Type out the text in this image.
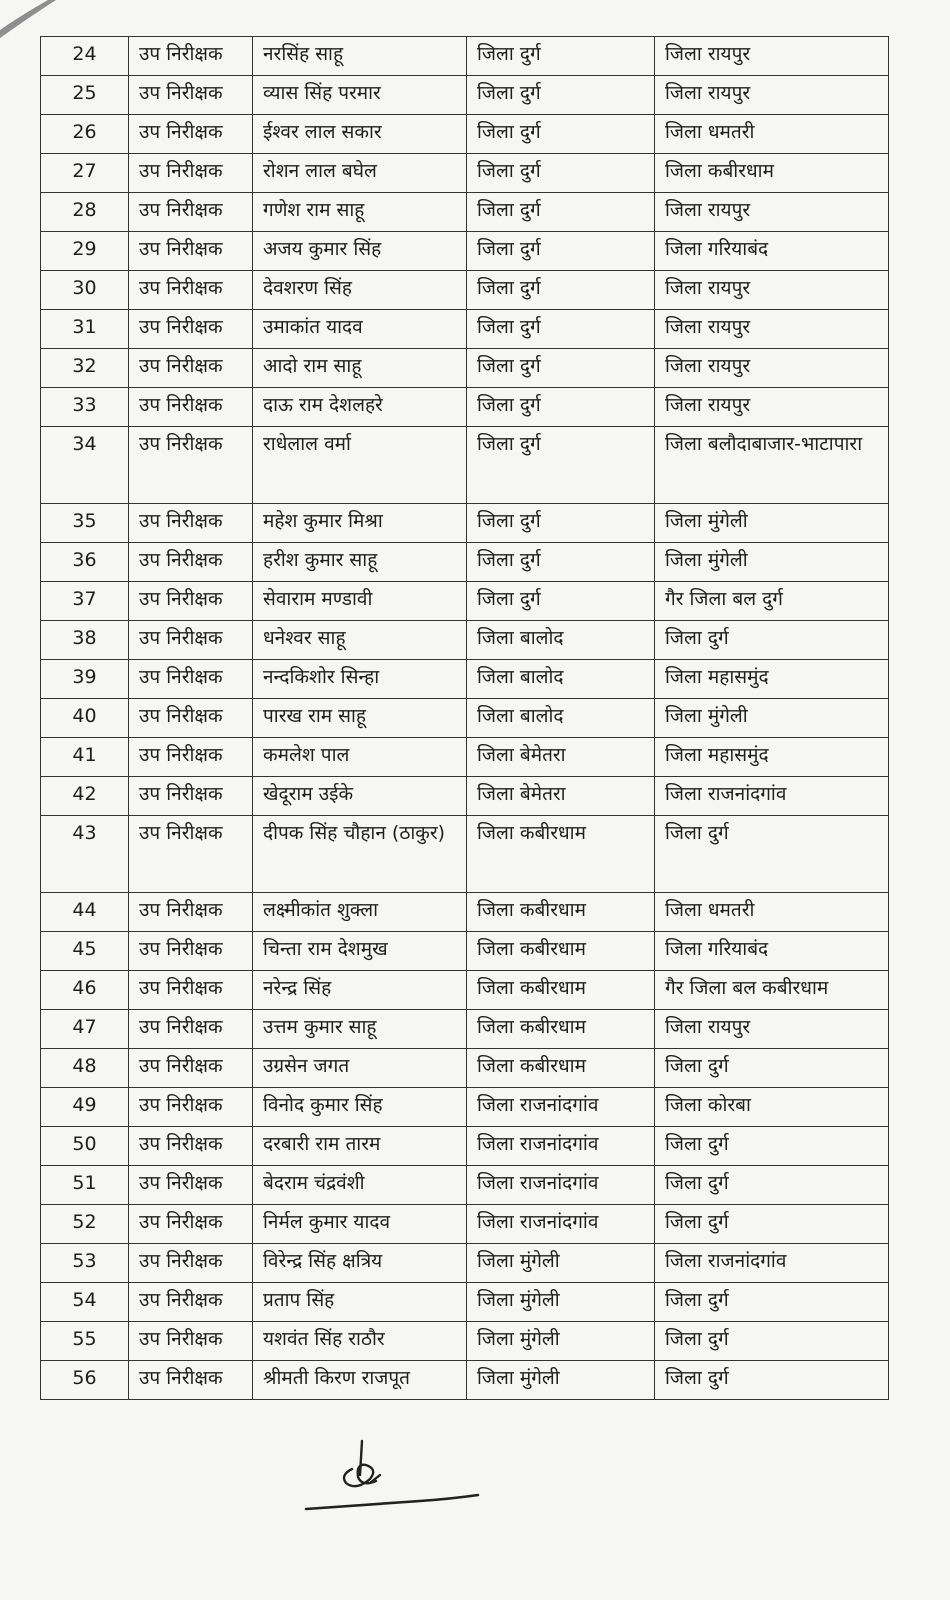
24	उप निरीक्षक	नरसिंह साहू	जिला दुर्ग	जिला रायपुर
25	उप निरीक्षक	व्यास सिंह परमार	जिला दुर्ग	जिला रायपुर
26	उप निरीक्षक	ईश्वर लाल सकार	जिला दुर्ग	जिला धमतरी
27	उप निरीक्षक	रोशन लाल बघेल	जिला दुर्ग	जिला कबीरधाम
28	उप निरीक्षक	गणेश राम साहू	जिला दुर्ग	जिला रायपुर
29	उप निरीक्षक	अजय कुमार सिंह	जिला दुर्ग	जिला गरियाबंद
30	उप निरीक्षक	देवशरण सिंह	जिला दुर्ग	जिला रायपुर
31	उप निरीक्षक	उमाकांत यादव	जिला दुर्ग	जिला रायपुर
32	उप निरीक्षक	आदो राम साहू	जिला दुर्ग	जिला रायपुर
33	उप निरीक्षक	दाऊ राम देशलहरे	जिला दुर्ग	जिला रायपुर
34	उप निरीक्षक	राधेलाल वर्मा	जिला दुर्ग	जिला बलौदाबाजार-भाटापारा
35	उप निरीक्षक	महेश कुमार मिश्रा	जिला दुर्ग	जिला मुंगेली
36	उप निरीक्षक	हरीश कुमार साहू	जिला दुर्ग	जिला मुंगेली
37	उप निरीक्षक	सेवाराम मण्डावी	जिला दुर्ग	गैर जिला बल दुर्ग
38	उप निरीक्षक	धनेश्वर साहू	जिला बालोद	जिला दुर्ग
39	उप निरीक्षक	नन्दकिशोर सिन्हा	जिला बालोद	जिला महासमुंद
40	उप निरीक्षक	पारख राम साहू	जिला बालोद	जिला मुंगेली
41	उप निरीक्षक	कमलेश पाल	जिला बेमेतरा	जिला महासमुंद
42	उप निरीक्षक	खेदूराम उईके	जिला बेमेतरा	जिला राजनांदगांव
43	उप निरीक्षक	दीपक सिंह चौहान (ठाकुर)	जिला कबीरधाम	जिला दुर्ग
44	उप निरीक्षक	लक्ष्मीकांत शुक्ला	जिला कबीरधाम	जिला धमतरी
45	उप निरीक्षक	चिन्ता राम देशमुख	जिला कबीरधाम	जिला गरियाबंद
46	उप निरीक्षक	नरेन्द्र सिंह	जिला कबीरधाम	गैर जिला बल कबीरधाम
47	उप निरीक्षक	उत्तम कुमार साहू	जिला कबीरधाम	जिला रायपुर
48	उप निरीक्षक	उग्रसेन जगत	जिला कबीरधाम	जिला दुर्ग
49	उप निरीक्षक	विनोद कुमार सिंह	जिला राजनांदगांव	जिला कोरबा
50	उप निरीक्षक	दरबारी राम तारम	जिला राजनांदगांव	जिला दुर्ग
51	उप निरीक्षक	बेदराम चंद्रवंशी	जिला राजनांदगांव	जिला दुर्ग
52	उप निरीक्षक	निर्मल कुमार यादव	जिला राजनांदगांव	जिला दुर्ग
53	उप निरीक्षक	विरेन्द्र सिंह क्षत्रिय	जिला मुंगेली	जिला राजनांदगांव
54	उप निरीक्षक	प्रताप सिंह	जिला मुंगेली	जिला दुर्ग
55	उप निरीक्षक	यशवंत सिंह राठौर	जिला मुंगेली	जिला दुर्ग
56	उप निरीक्षक	श्रीमती किरण राजपूत	जिला मुंगेली	जिला दुर्ग
